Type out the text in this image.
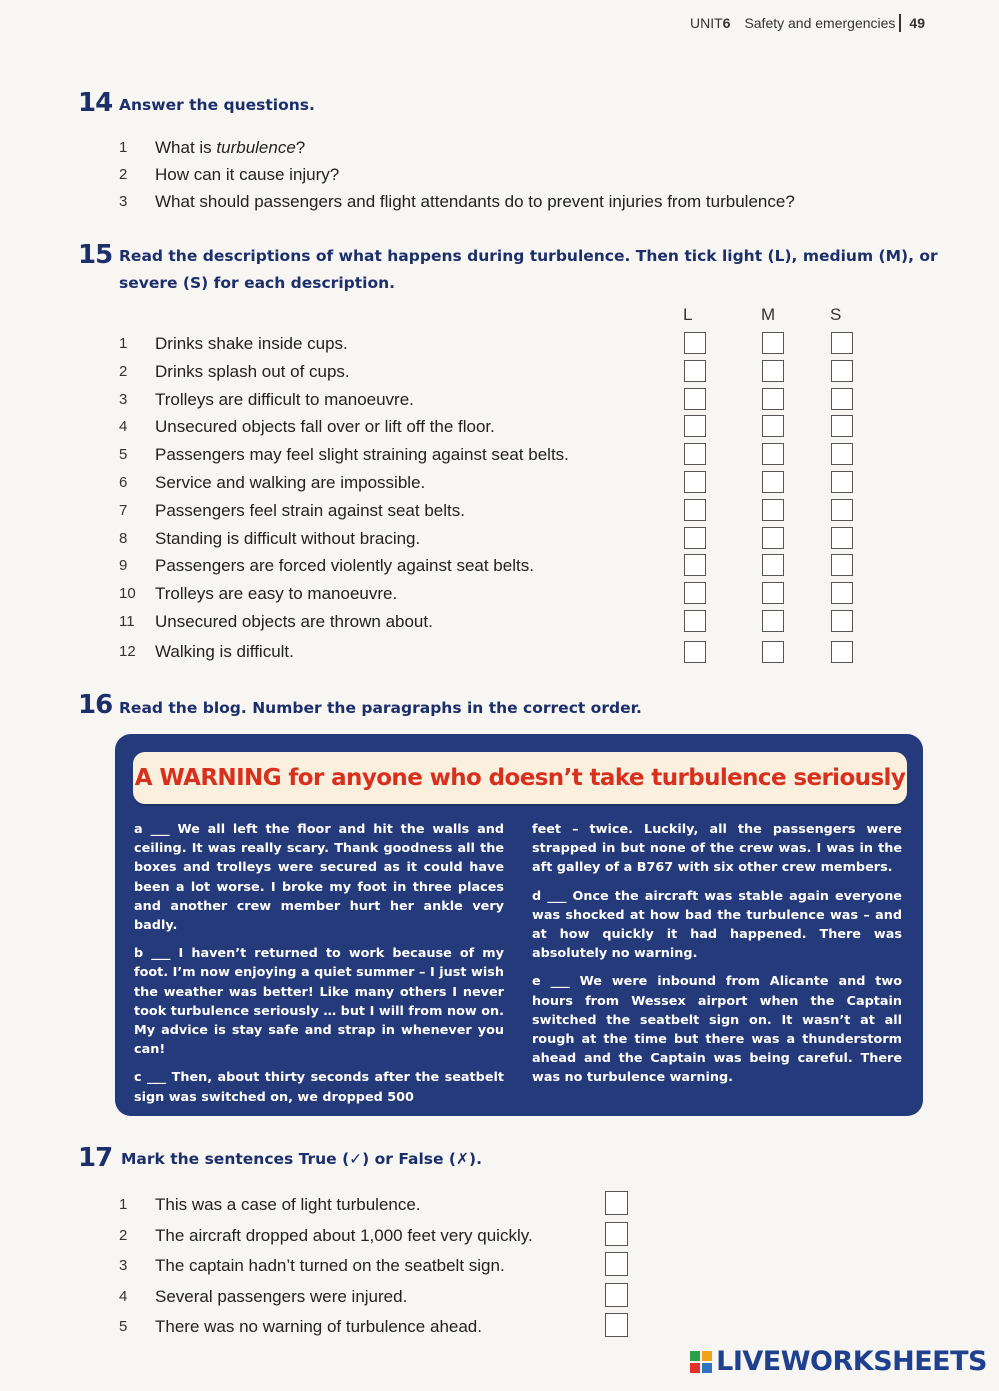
UNIT6 Safety and emergencies 49
14 Answer the questions.
1	What is turbulence?
2	How can it cause injury?
3	What should passengers and flight attendants do to prevent injuries from turbulence?
15 Read the descriptions of what happens during turbulence. Then tick light (L), medium (M), or
severe (S) for each description.
L	M	S
1	Drinks shake inside cups.
2	Drinks splash out of cups.
3	Trolleys are difficult to manoeuvre.
4	Unsecured objects fall over or lift off the floor.
5	Passengers may feel slight straining against seat belts.
6	Service and walking are impossible.
7	Passengers feel strain against seat belts.
8	Standing is difficult without bracing.
9	Passengers are forced violently against seat belts.
10	Trolleys are easy to manoeuvre.
11	Unsecured objects are thrown about.
12	Walking is difficult.
16 Read the blog. Number the paragraphs in the correct order.
A WARNING for anyone who doesn’t take turbulence seriously

a ___ We all left the floor and hit the walls and ceiling. It was really scary. Thank goodness all the boxes and trolleys were secured as it could have been a lot worse. I broke my foot in three places and another crew member hurt her ankle very badly.

b ___ I haven’t returned to work because of my foot. I’m now enjoying a quiet summer – I just wish the weather was better! Like many others I never took turbulence seriously … but I will from now on. My advice is stay safe and strap in whenever you can!

c ___ Then, about thirty seconds after the seatbelt sign was switched on, we dropped 500

feet – twice. Luckily, all the passengers were strapped in but none of the crew was. I was in the aft galley of a B767 with six other crew members.

d ___ Once the aircraft was stable again everyone was shocked at how bad the turbulence was – and at how quickly it had happened. There was absolutely no warning.

e ___ We were inbound from Alicante and two hours from Wessex airport when the Captain switched the seatbelt sign on. It wasn’t at all rough at the time but there was a thunderstorm ahead and the Captain was being careful. There was no turbulence warning.

17 Mark the sentences True (✓) or False (✗).
1	This was a case of light turbulence.
2	The aircraft dropped about 1,000 feet very quickly.
3	The captain hadn’t turned on the seatbelt sign.
4	Several passengers were injured.
5	There was no warning of turbulence ahead.
LIVEWORKSHEETS
